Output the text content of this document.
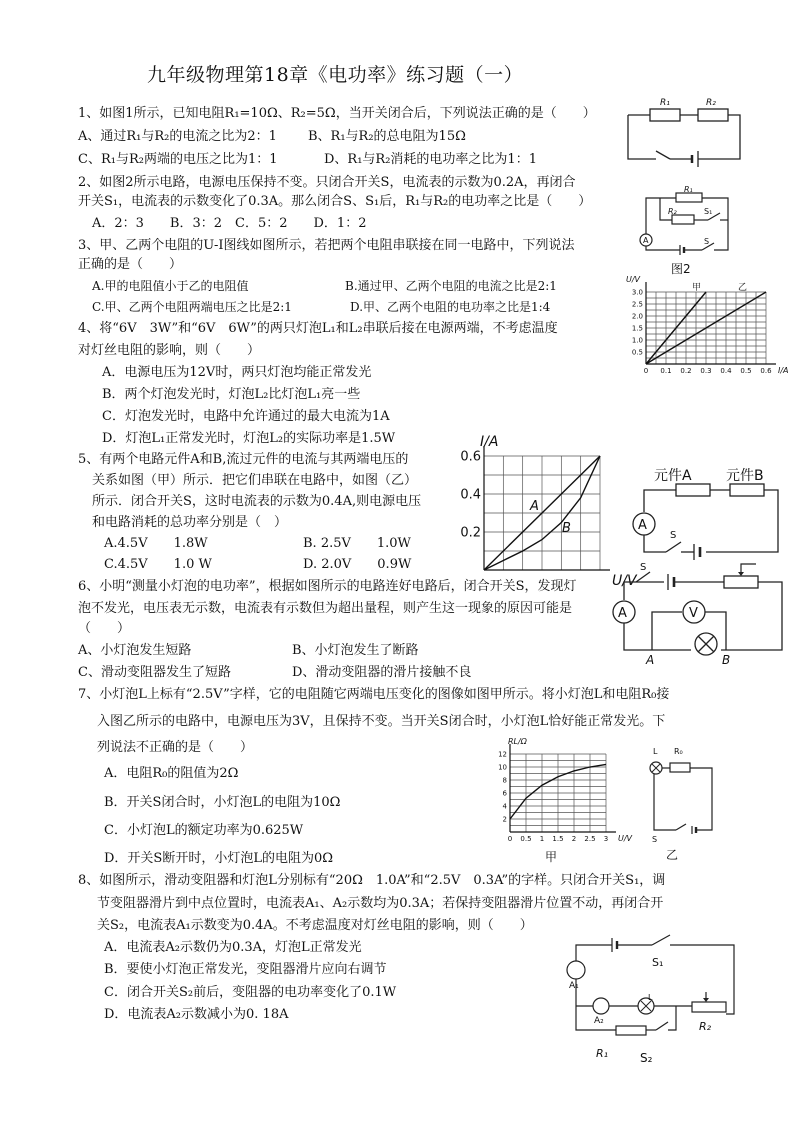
九年级物理第18章《电功率》练习题（一）
1、如图1所示，已知电阻R₁=10Ω、R₂=5Ω，当开关闭合后，下列说法正确的是（　　）
A、通过R₁与R₂的电流之比为2：1 B、R₁与R₂的总电阻为15Ω
C、R₁与R₂两端的电压之比为1：1	D、R₁与R₂消耗的电功率之比为1：1
R₁	R₂
2、如图2所示电路，电源电压保持不变。只闭合开关S，电流表的示数为0.2A，再闭合
开关S₁，电流表的示数变化了0.3A。那么闭合S、S₁后，R₁与R₂的电功率之比是（　　）
A．2：3　　B．3：2　C．5：2　　D．1：2
A
R₁
R₂	S₁
S
图2
3、甲、乙两个电阻的U-I图线如图所示，若把两个电阻串联接在同一电路中，下列说法
正确的是（　　）
A.甲的电阻值小于乙的电阻值	B.通过甲、乙两个电阻的电流之比是2:1
C.甲、乙两个电阻两端电压之比是2:1	D.甲、乙两个电阻的电功率之比是1:4
0 0.1 0.2 0.3 0.4 0.5 0.6
0.5
1.0
1.5
2.0
2.5
3.0
I/A
U/V
甲	乙
4、将“6V　3W”和“6V　6W”的两只灯泡L₁和L₂串联后接在电源两端，不考虑温度
对灯丝电阻的影响，则（　　）
A．电源电压为12V时，两只灯泡均能正常发光
B．两个灯泡发光时，灯泡L₂比灯泡L₁亮一些
C．灯泡发光时，电路中允许通过的最大电流为1A
D．灯泡L₁正常发光时，灯泡L₂的实际功率是1.5W
5、有两个电路元件A和B,流过元件的电流与其两端电压的
关系如图（甲）所示．把它们串联在电路中，如图（乙）
所示．闭合开关S，这时电流表的示数为0.4A,则电源电压
和电路消耗的总功率分别是（　）
A.4.5V　　1.8W	B. 2.5V　　1.0W
C.4.5V　　1.0 W	D. 2.0V　　0.9W
0.2
0.4
0.6
U/V
I/A
A
B	A
元件A 元件B
S
6、小明“测量小灯泡的电功率”，根据如图所示的电路连好电路后，闭合开关S，发现灯
泡不发光，电压表无示数，电流表有示数但为超出量程，则产生这一现象的原因可能是
（　　）
A、小灯泡发生短路	B、小灯泡发生了断路
C、滑动变阻器发生了短路	D、滑动变阻器的滑片接触不良
A	V
S
A	B
7、小灯泡L上标有“2.5V”字样，它的电阻随它两端电压变化的图像如图甲所示。将小灯泡L和电阻R₀接
入图乙所示的电路中，电源电压为3V，且保持不变。当开关S闭合时，小灯泡L恰好能正常发光。下
列说法不正确的是（　　）
A．电阻R₀的阻值为2Ω
B．开关S闭合时，小灯泡L的电阻为10Ω
C．小灯泡L的额定功率为0.625W
D．开关S断开时，小灯泡L的电阻为0Ω
0 0.5 1 1.5 2 2.5 3
2
4
6
8
10
12
U/V
RL/Ω
甲
L R₀
S
乙
8、如图所示，滑动变阻器和灯泡L分别标有“20Ω　1.0A”和“2.5V　0.3A”的字样。只闭合开关S₁，调
节变阻器滑片到中点位置时，电流表A₁、A₂示数均为0.3A；若保持变阻器滑片位置不动，再闭合开
关S₂，电流表A₁示数变为0.4A。不考虑温度对灯丝电阻的影响，则（　　）
A．电流表A₂示数仍为0.3A，灯泡L正常发光
B．要使小灯泡正常发光，变阻器滑片应向右调节
C．闭合开关S₂前后，变阻器的电功率变化了0.1W
D．电流表A₂示数减小为0. 18A
A₁
A₂
S₁
L
R₂
R₁	S₂
